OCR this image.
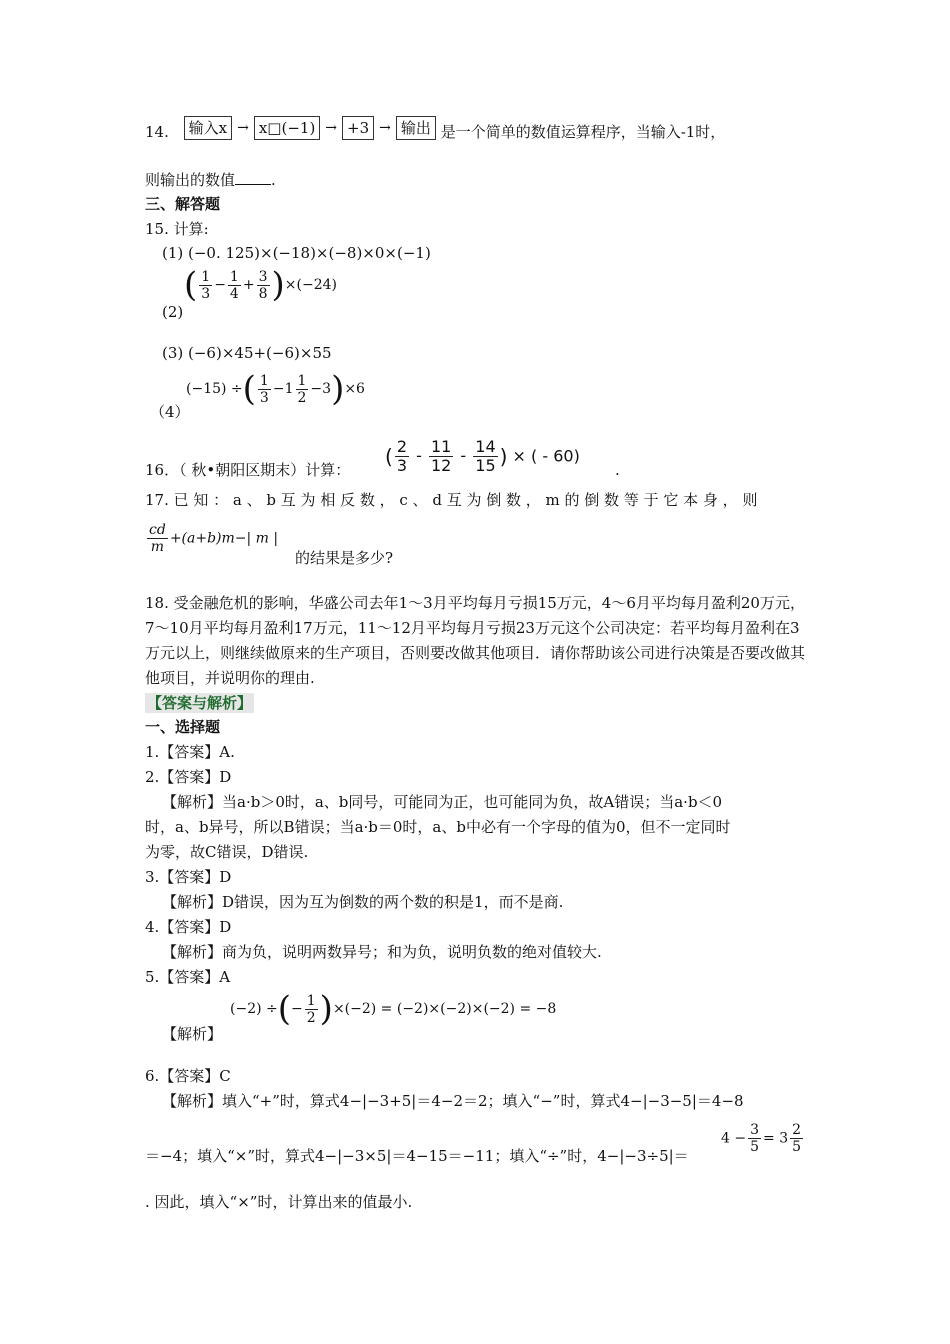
14. 输入x → x□(−1) → +3 → 输出 是一个简单的数值运算程序，当输入-1时，
则输出的数值 .
三、解答题
15. 计算:
(1) (−0. 125)×(−18)×(−8)×0×(−1)
(2)
( $\frac{1}{3} - \frac{1}{4} + \frac{3}{8} )\times(-24)$
(3) (−6)×45+(−6)×55
（4）
(−15) ÷( $\frac{1}{3} -1 \frac{1}{2} -3)\times 6$
16．（ 秋•朝阳区期末）计算：
( $\frac{2}{3} - \frac{11}{12} - \frac{14}{15}$ ) × ( - 60)
.
17. 已 知 ： a 、 b 互 为 相 反 数 ， c 、 d 互 为 倒 数 ， m 的 倒 数 等 于 它 本 身 ， 则
$\frac{cd}{m} +(a+b)m-|$ m |
的结果是多少?
18. 受金融危机的影响，华盛公司去年1～3月平均每月亏损15万元，4～6月平均每月盈利20万元，7～10月平均每月盈利17万元，11～12月平均每月亏损23万元这个公司决定：若平均每月盈利在3万元以上，则继续做原来的生产项目，否则要改做其他项目．请你帮助该公司进行决策是否要改做其他项目，并说明你的理由.
【答案与解析】
一、选择题
1.【答案】A.
2.【答案】D
【解析】当a·b＞0时，a、b同号，可能同为正，也可能同为负，故A错误；当a·b＜0
时，a、b异号，所以B错误；当a·b＝0时，a、b中必有一个字母的值为0，但不一定同时
为零，故C错误，D错误.
3.【答案】D
【解析】D错误，因为互为倒数的两个数的积是1，而不是商.
4.【答案】D
【解析】商为负，说明两数异号；和为负，说明负数的绝对值较大.
5.【答案】A
【解析】
(−2) ÷(− $\frac{1}{2} )\times(-2) = (-2)\times(-2)\times(-2) = -8$
6.【答案】C
【解析】填入“+”时，算式4−|−3+5|＝4−2＝2；填入“−”时，算式4−|−3−5|＝4−8
＝−4；填入“×”时，算式4−|−3×5|＝4−15＝−11；填入“÷”时，4−|−3÷5|＝
$4 - \frac{3}{5} = 3 \frac{2}{5}$
. 因此，填入“×”时，计算出来的值最小.
